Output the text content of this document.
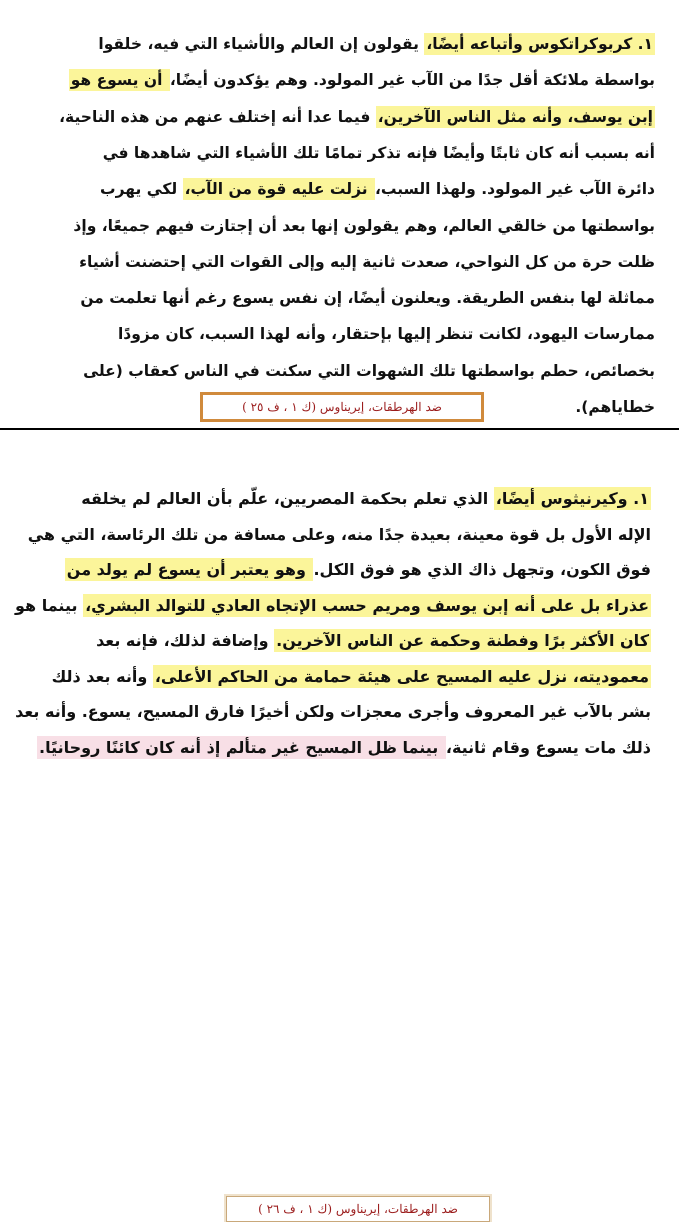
١. كربوكراتكوس وأتباعه أيضًا، يقولون إن العالم والأشياء التي فيه، خلقوا
بواسطة ملائكة أقل جدًا من الآب غير المولود. وهم يؤكدون أيضًا، أن يسوع هو
إبن يوسف، وأنه مثل الناس الآخرين، فيما عدا أنه إختلف عنهم من هذه الناحية،
أنه بسبب أنه كان ثابتًا وأيضًا فإنه تذكر تمامًا تلك الأشياء التي شاهدها في
دائرة الآب غير المولود. ولهذا السبب، نزلت عليه قوة من الآب، لكي يهرب
بواسطتها من خالقي العالم، وهم يقولون إنها بعد أن إجتازت فيهم جميعًا، وإذ
ظلت حرة من كل النواحي، صعدت ثانية إليه وإلى القوات التي إحتضنت أشياء
مماثلة لها بنفس الطريقة. ويعلنون أيضًا، إن نفس يسوع رغم أنها تعلمت من
ممارسات اليهود، لكانت تنظر إليها بإحتقار، وأنه لهذا السبب، كان مزودًا
بخصائص، حطم بواسطتها تلك الشهوات التي سكنت في الناس كعقاب (على
خطاياهم).
ضد الهرطقات، إيريناوس (ك ١ ، ف ٢٥ )
١. وكيرنيثوس أيضًا، الذي تعلم بحكمة المصريين، علّم بأن العالم لم يخلقه
الإله الأول بل قوة معينة، بعيدة جدًا منه، وعلى مسافة من تلك الرئاسة، التي هي
فوق الكون، وتجهل ذاك الذي هو فوق الكل. وهو يعتبر أن يسوع لم يولد من
عذراء بل على أنه إبن يوسف ومريم حسب الإتجاه العادي للتوالد البشري، بينما هو
كان الأكثر برًا وفطنة وحكمة عن الناس الآخرين. وإضافة لذلك، فإنه بعد
معموديته، نزل عليه المسيح على هيئة حمامة من الحاكم الأعلى، وأنه بعد ذلك
بشر بالآب غير المعروف وأجرى معجزات ولكن أخيرًا فارق المسيح، يسوع. وأنه بعد
ذلك مات يسوع وقام ثانية، بينما ظل المسيح غير متألم إذ أنه كان كائنًا روحانيًا.
ضد الهرطقات، إيريناوس (ك ١ ، ف ٢٦ )
